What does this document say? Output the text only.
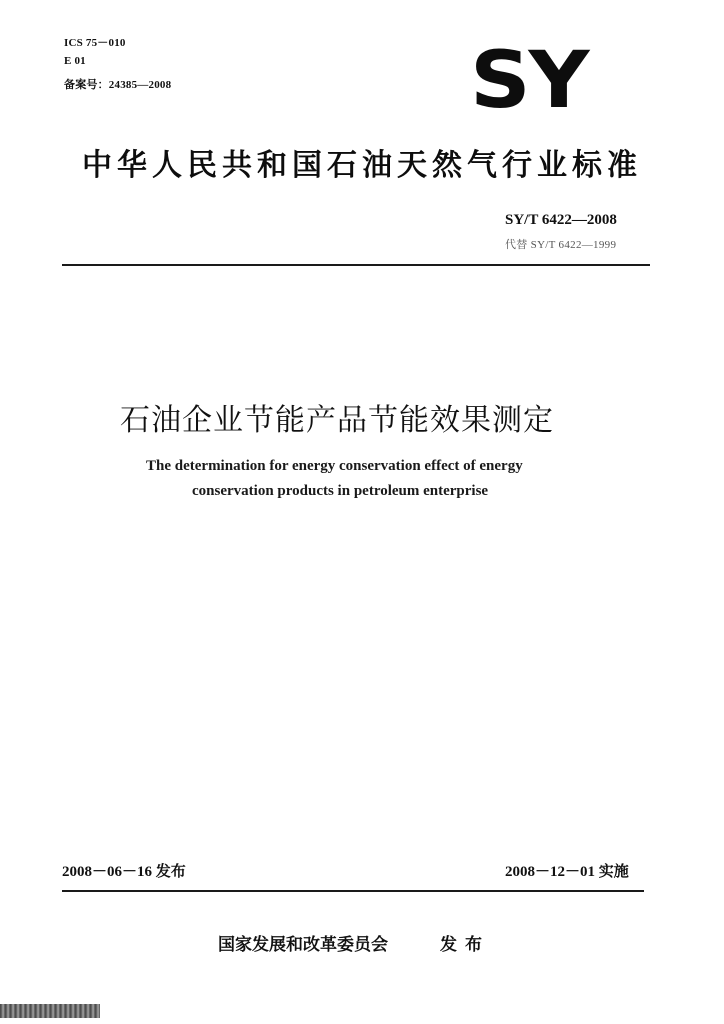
ICS 75－010
E 01
备案号：24385—2008	SY
中华人民共和国石油天然气行业标准
SY/T 6422—2008
代替 SY/T 6422—1999
石油企业节能产品节能效果测定
The determination for energy conservation effect of energy
conservation products in petroleum enterprise
2008－06－16 发布	2008－12－01 实施
国家发展和改革委员会	发布
